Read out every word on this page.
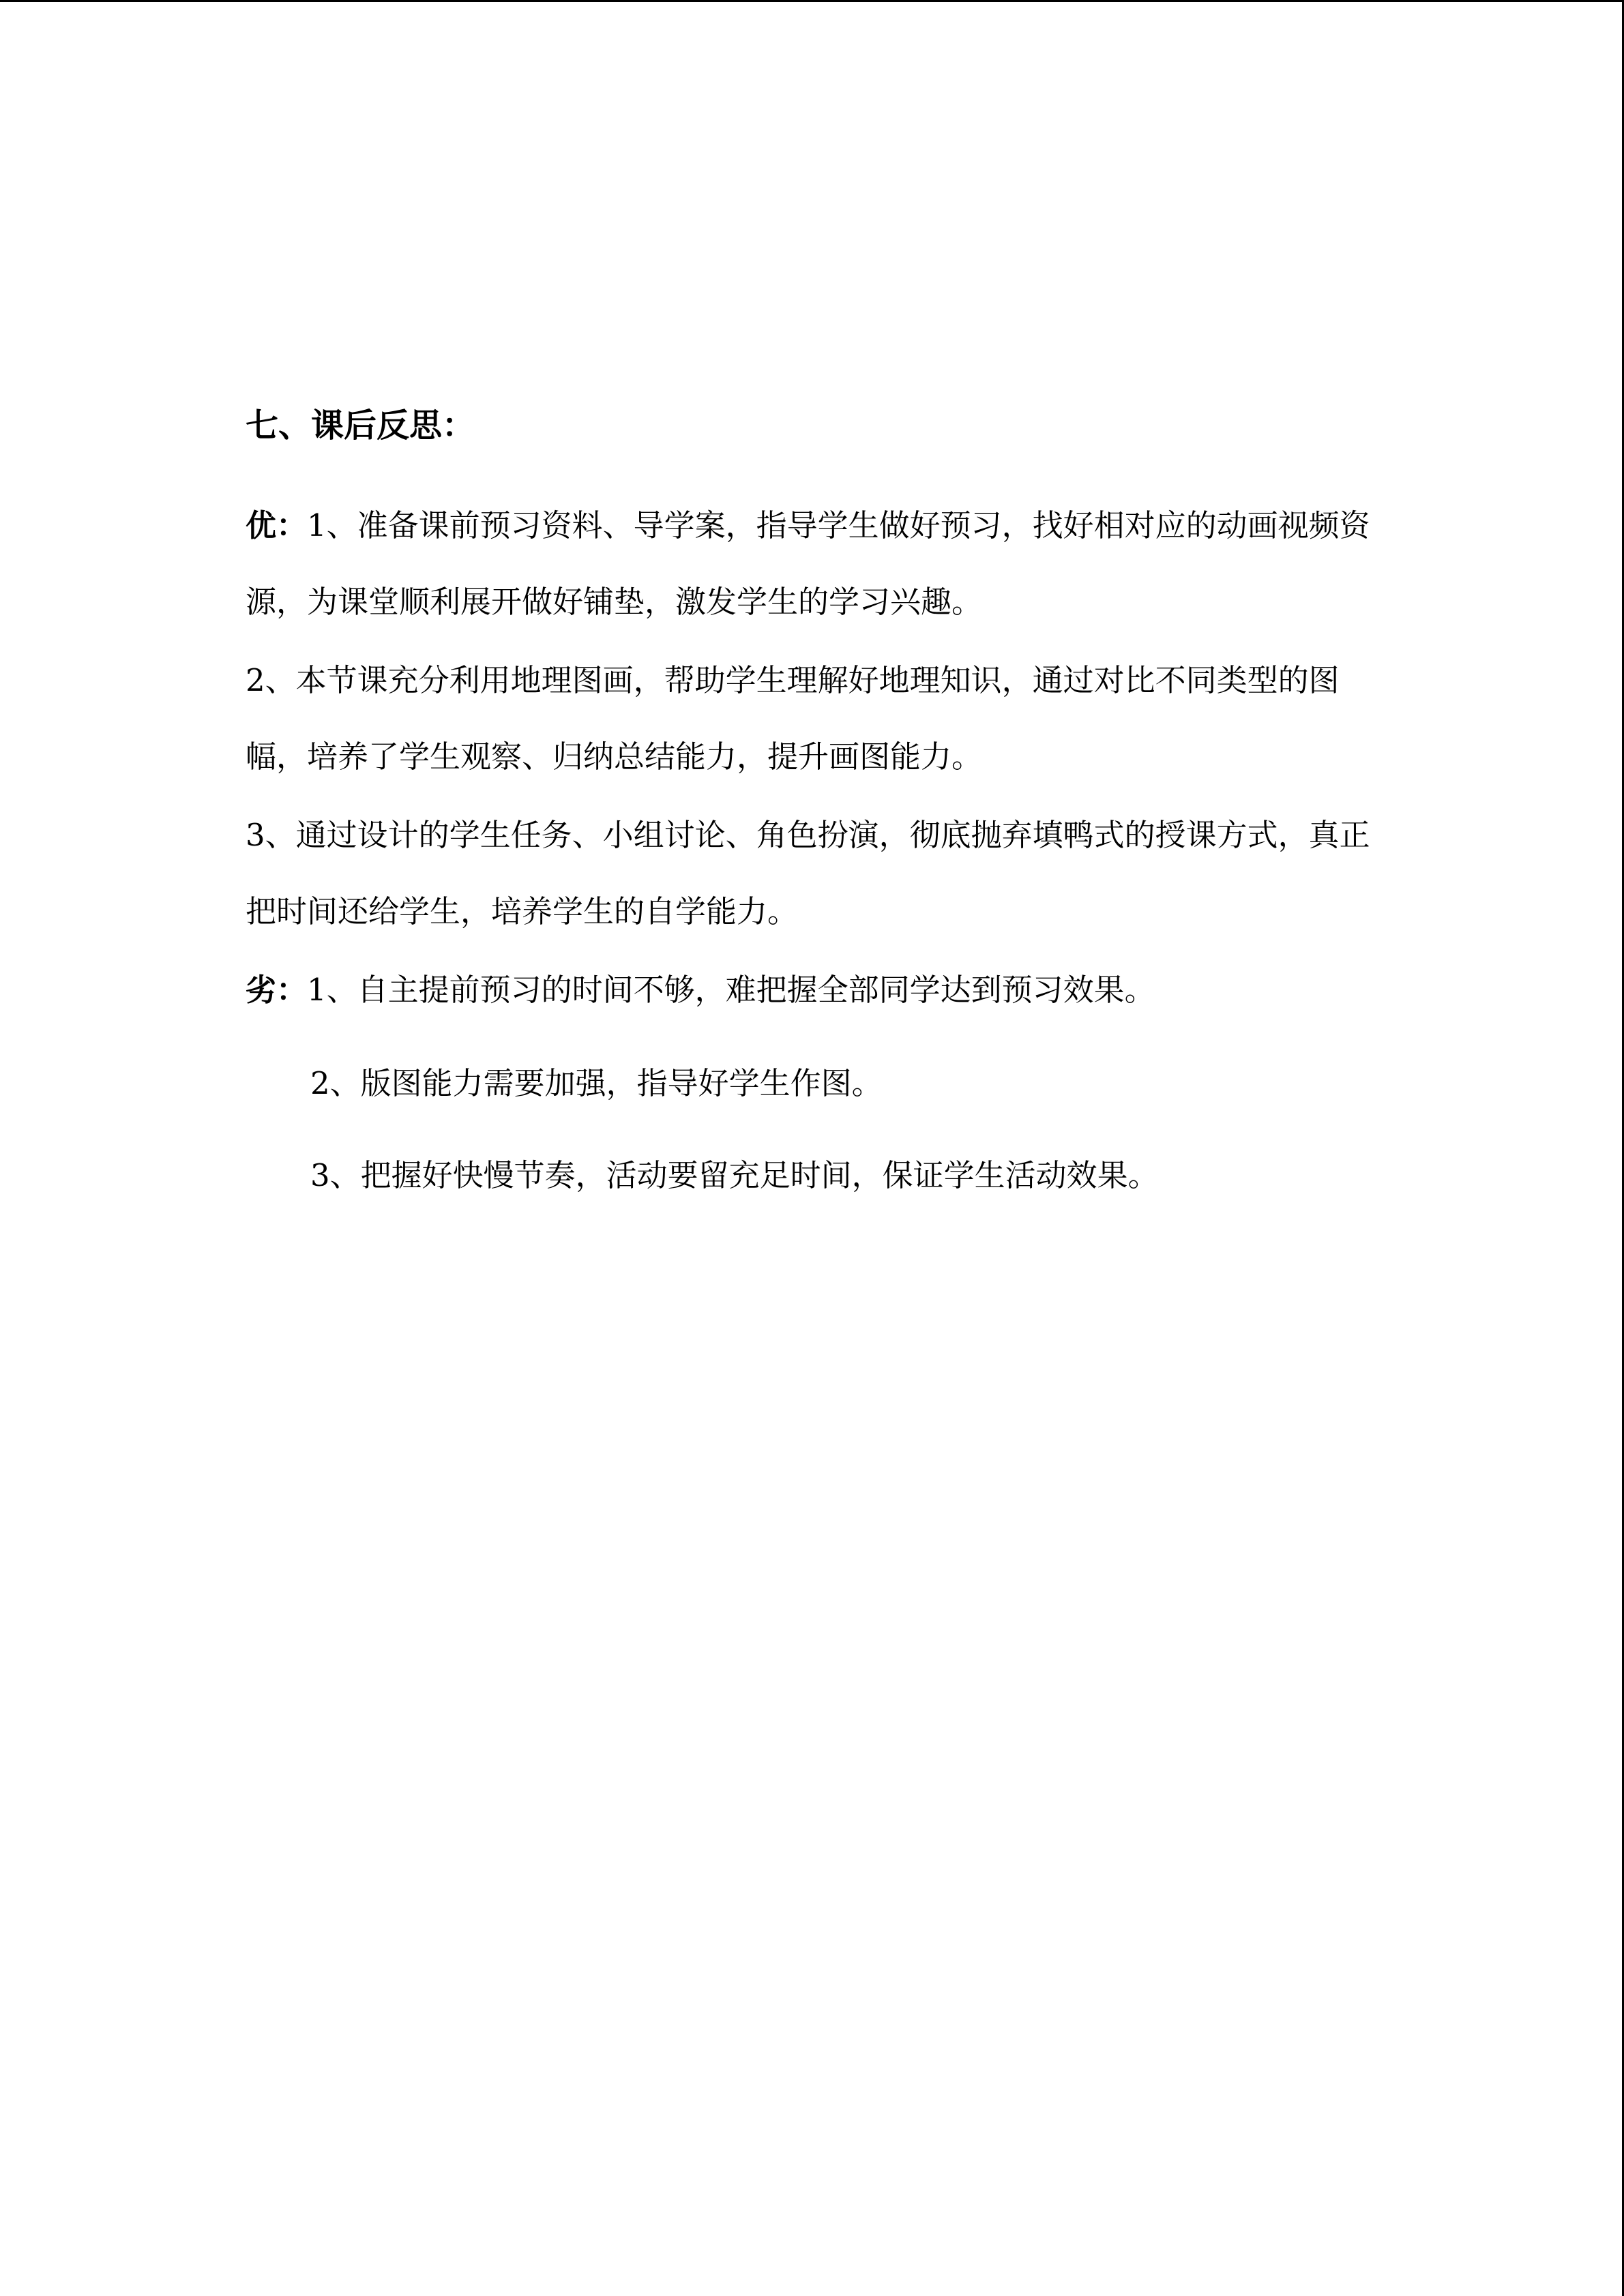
七、课后反思：

优：1、准备课前预习资料、导学案，指导学生做好预习，找好相对应的动画视频资源，为课堂顺利展开做好铺垫，激发学生的学习兴趣。

2、本节课充分利用地理图画，帮助学生理解好地理知识，通过对比不同类型的图幅，培养了学生观察、归纳总结能力，提升画图能力。

3、通过设计的学生任务、小组讨论、角色扮演，彻底抛弃填鸭式的授课方式，真正把时间还给学生，培养学生的自学能力。

劣：1、自主提前预习的时间不够，难把握全部同学达到预习效果。

2、版图能力需要加强，指导好学生作图。

3、把握好快慢节奏，活动要留充足时间，保证学生活动效果。
